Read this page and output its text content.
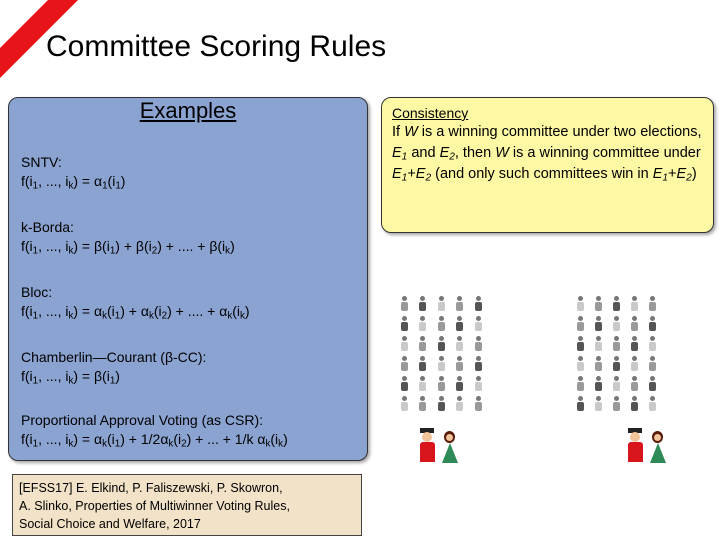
Committee Scoring Rules
Examples
SNTV:
$f(i_1$, ..., $i_k) = \alpha_1(i_1)$
k-Borda:
$f(i_1$, ..., $i_k) = \beta(i_1) + \beta(i_2)$ + .... + $\beta(i_k)$
Bloc:
$f(i_1$, ..., $i_k) = \alpha_k(i_1) + \alpha_k(i_2)$ + .... + $\alpha_k(i_k)$
Chamberlin—Courant (β-CC):
$f(i_1$, ..., $i_k) = \beta(i_1)$
Proportional Approval Voting (as CSR):
$f(i_1$, ..., $i_k) = \alpha_k(i_1) + 1/2\alpha_k(i_2)$ + ... + 1/k $\alpha_k(i_k)$
[EFSS17] E. Elkind, P. Faliszewski, P. Skowron,
A. Slinko, Properties of Multiwinner Voting Rules,
Social Choice and Welfare, 2017
Consistency
If W is a winning committee under two elections, $E_1$ and $E_2$, then W is a winning committee under $E_1+E_2$ (and only such committees win in $E_1+E_2$)
